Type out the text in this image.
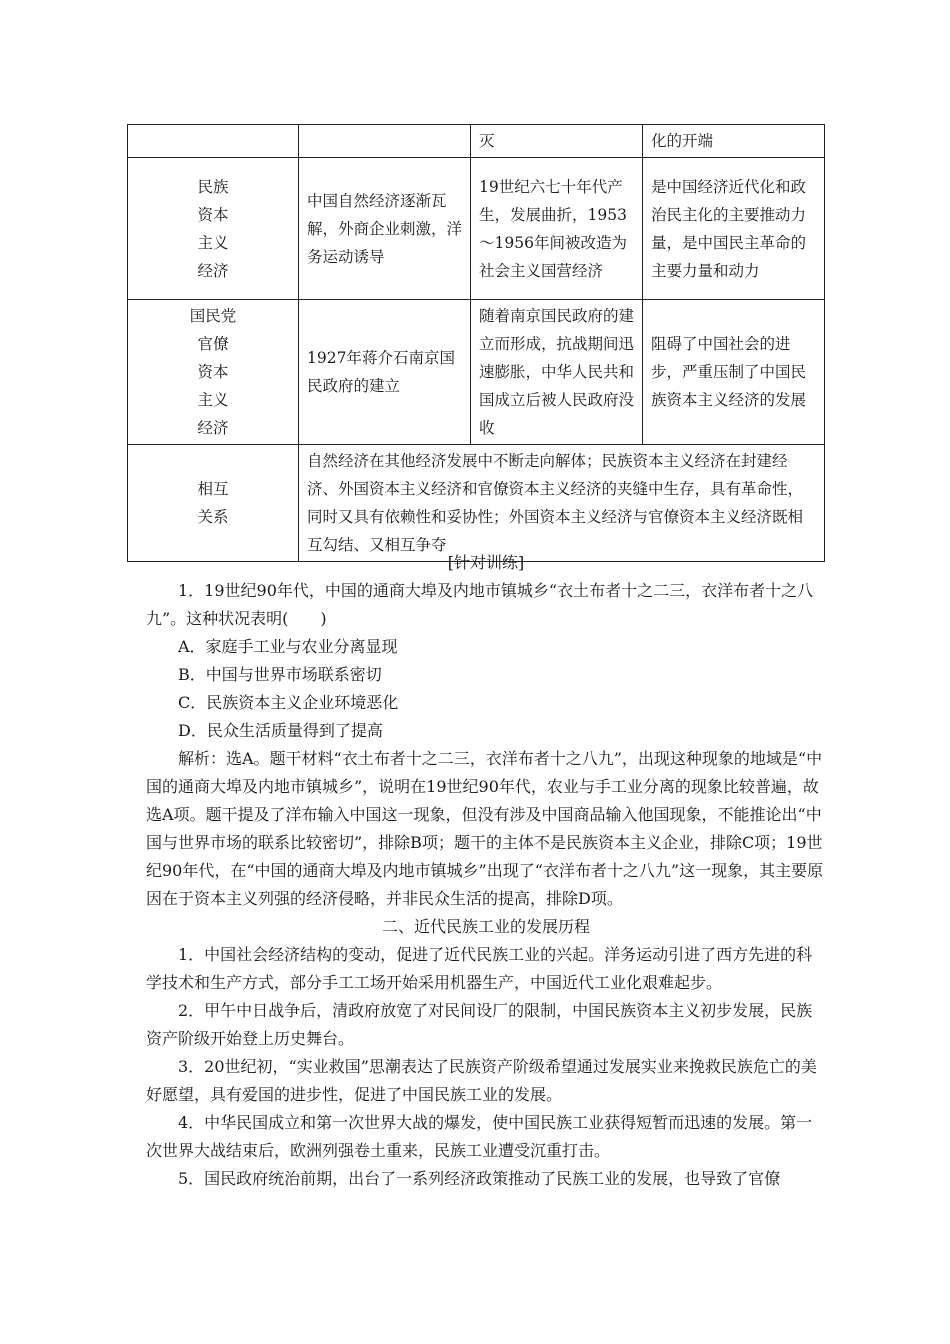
		灭	化的开端

民族
资本
主义
经济	中国自然经济逐渐瓦解，外商企业刺激，洋务运动诱导	19世纪六七十年代产生，发展曲折，1953～1956年间被改造为社会主义国营经济	是中国经济近代化和政治民主化的主要推动力量，是中国民主革命的主要力量和动力

国民党
官僚
资本
主义
经济	1927年蒋介石南京国民政府的建立	随着南京国民政府的建立而形成，抗战期间迅速膨胀，中华人民共和国成立后被人民政府没收	阻碍了中国社会的进步，严重压制了中国民族资本主义经济的发展

相互
关系	自然经济在其他经济发展中不断走向解体；民族资本主义经济在封建经济、外国资本主义经济和官僚资本主义经济的夹缝中生存，具有革命性，同时又具有依赖性和妥协性；外国资本主义经济与官僚资本主义经济既相互勾结、又相互争夺		

[针对训练]

1．19世纪90年代，中国的通商大埠及内地市镇城乡“衣土布者十之二三，衣洋布者十之八九”。这种状况表明(　　)

A．家庭手工业与农业分离显现

B．中国与世界市场联系密切

C．民族资本主义企业环境恶化

D．民众生活质量得到了提高

解析：选A。题干材料“衣土布者十之二三，衣洋布者十之八九”，出现这种现象的地域是“中国的通商大埠及内地市镇城乡”，说明在19世纪90年代，农业与手工业分离的现象比较普遍，故选A项。题干提及了洋布输入中国这一现象，但没有涉及中国商品输入他国现象，不能推论出“中国与世界市场的联系比较密切”，排除B项；题干的主体不是民族资本主义企业，排除C项；19世纪90年代，在“中国的通商大埠及内地市镇城乡”出现了“衣洋布者十之八九”这一现象，其主要原因在于资本主义列强的经济侵略，并非民众生活的提高，排除D项。

二、近代民族工业的发展历程

1．中国社会经济结构的变动，促进了近代民族工业的兴起。洋务运动引进了西方先进的科学技术和生产方式，部分手工工场开始采用机器生产，中国近代工业化艰难起步。

2．甲午中日战争后，清政府放宽了对民间设厂的限制，中国民族资本主义初步发展，民族资产阶级开始登上历史舞台。

3．20世纪初，“实业救国”思潮表达了民族资产阶级希望通过发展实业来挽救民族危亡的美好愿望，具有爱国的进步性，促进了中国民族工业的发展。

4．中华民国成立和第一次世界大战的爆发，使中国民族工业获得短暂而迅速的发展。第一次世界大战结束后，欧洲列强卷土重来，民族工业遭受沉重打击。

5．国民政府统治前期，出台了一系列经济政策推动了民族工业的发展，也导致了官僚
